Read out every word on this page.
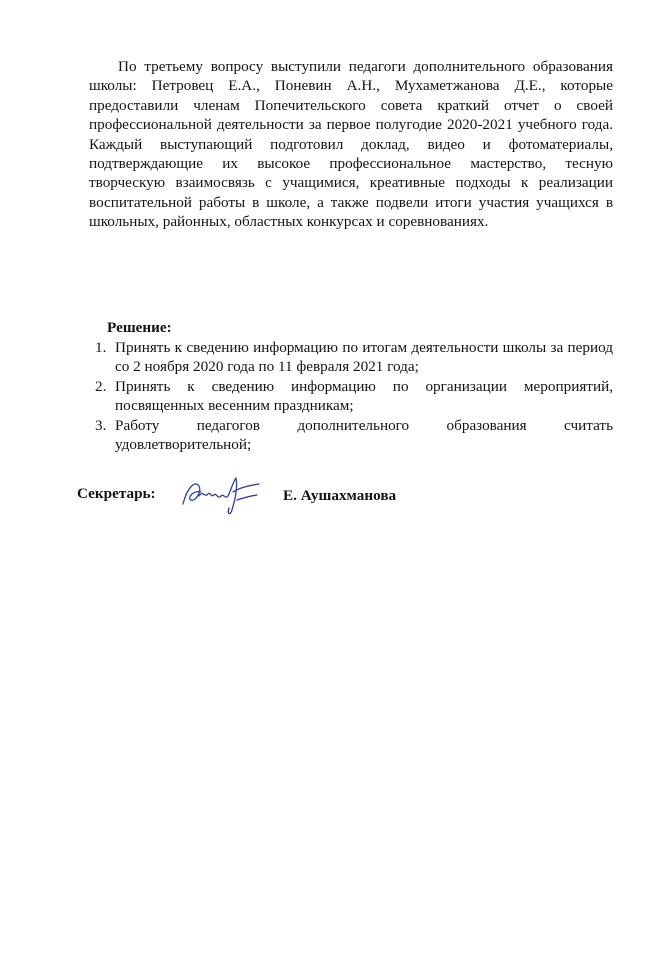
По третьему вопросу выступили педагоги дополнительного образования школы: Петровец Е.А., Поневин А.Н., Мухаметжанова Д.Е., которые предоставили членам Попечительского совета краткий отчет о своей профессиональной деятельности за первое полугодие 2020-2021 учебного года. Каждый выступающий подготовил доклад, видео и фотоматериалы, подтверждающие их высокое профессиональное мастерство, тесную творческую взаимосвязь с учащимися, креативные подходы к реализации воспитательной работы в школе, а также подвели итоги участия учащихся в школьных, районных, областных конкурсах и соревнованиях.

Решение:
1. Принять к сведению информацию по итогам деятельности школы за период со 2 ноября 2020 года по 11 февраля 2021 года;
2. Принять к сведению информацию по организации мероприятий, посвященных весенним праздникам;
3. Работу педагогов дополнительного образования считать удовлетворительной;
Секретарь:	Е. Аушахманова
